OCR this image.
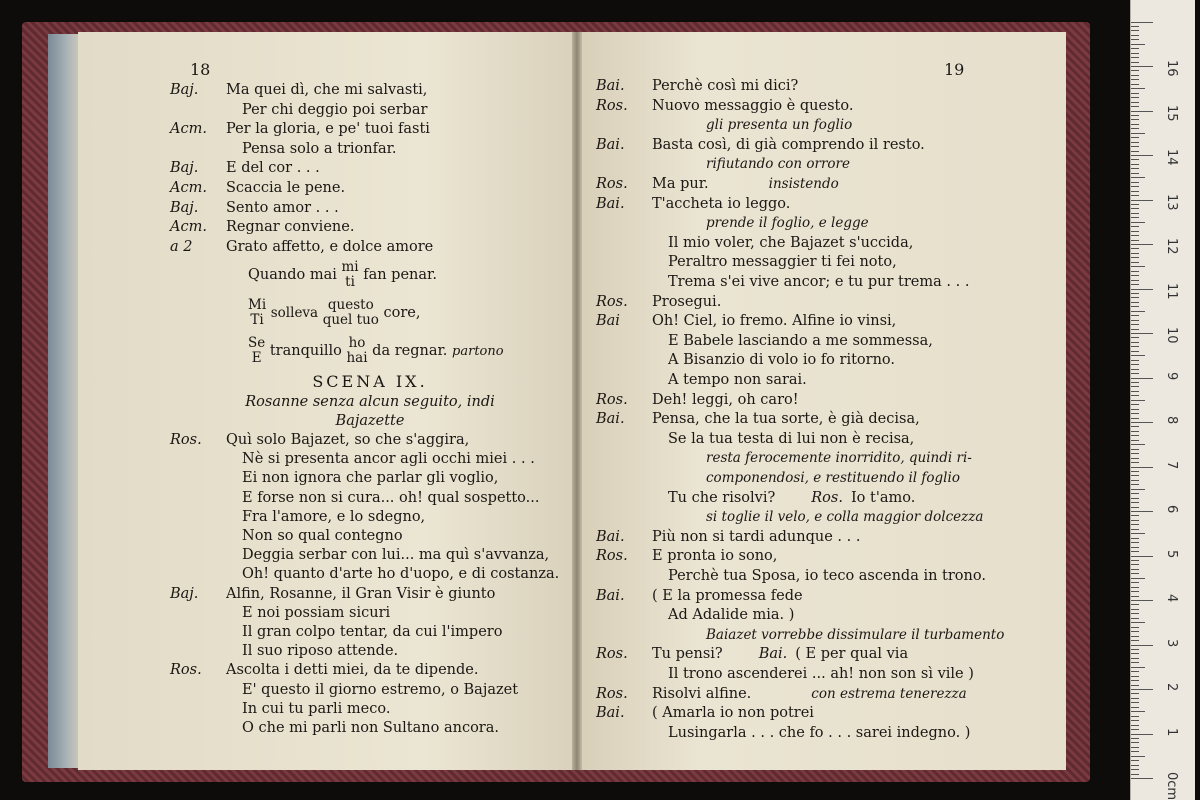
0cm
1
2
3
4
5
6
7
8
9
10
11
12
13
14
15
16
18
Baj. Ma quei dì, che mi salvasti,
Per chi deggio poi serbar
Acm. Per la gloria, e pe' tuoi fasti
Pensa solo a trionfar.
Baj. E del cor . . .
Acm. Scaccia le pene.
Baj. Sento amor . . .
Acm. Regnar conviene.
a 2 Grato affetto, e dolce amore
Quando mai mi
ti fan penar.
Mi
Ti solleva questo
quel tuo core,
Se
E tranquillo ho
hai da regnar. partono
SCENA IX.
Rosanne senza alcun seguito, indi
Bajazette
Ros. Quì solo Bajazet, so che s'aggira,
Nè si presenta ancor agli occhi miei . . .
Ei non ignora che parlar gli voglio,
E forse non si cura... oh! qual sospetto...
Fra l'amore, e lo sdegno,
Non so qual contegno
Deggia serbar con lui... ma quì s'avvanza,
Oh! quanto d'arte ho d'uopo, e di costanza.
Baj. Alfin, Rosanne, il Gran Visir è giunto
E noi possiam sicuri
Il gran colpo tentar, da cui l'impero
Il suo riposo attende.
Ros. Ascolta i detti miei, da te dipende.
E' questo il giorno estremo, o Bajazet
In cui tu parli meco.
O che mi parli non Sultano ancora.
19
Bai. Perchè così mi dici?
Ros. Nuovo messaggio è questo.
gli presenta un foglio
Bai. Basta così, di già comprendo il resto.
rifiutando con orrore
Ros. Ma pur.	insistendo
Bai. T'accheta io leggo.
prende il foglio, e legge
Il mio voler, che Bajazet s'uccida,
Peraltro messaggier ti fei noto,
Trema s'ei vive ancor; e tu pur trema . . .
Ros. Prosegui.
Bai Oh! Ciel, io fremo. Alfine io vinsi,
E Babele lasciando a me sommessa,
A Bisanzio di volo io fo ritorno.
A tempo non sarai.
Ros. Deh! leggi, oh caro!
Bai. Pensa, che la tua sorte, è già decisa,
Se la tua testa di lui non è recisa,
resta ferocemente inorridito, quindi ri-
componendosi, e restituendo il foglio
Tu che risolvi? Ros. Io t'amo.
si toglie il velo, e colla maggior dolcezza
Bai. Più non si tardi adunque . . .
Ros. E pronta io sono,
Perchè tua Sposa, io teco ascenda in trono.
Bai. ( E la promessa fede
Ad Adalide mia. )
Baiazet vorrebbe dissimulare il turbamento
Ros. Tu pensi? Bai. ( E per qual via
Il trono ascenderei ... ah! non son sì vile )
Ros. Risolvi alfine.	con estrema tenerezza
Bai. ( Amarla io non potrei
Lusingarla . . . che fo . . . sarei indegno. )
